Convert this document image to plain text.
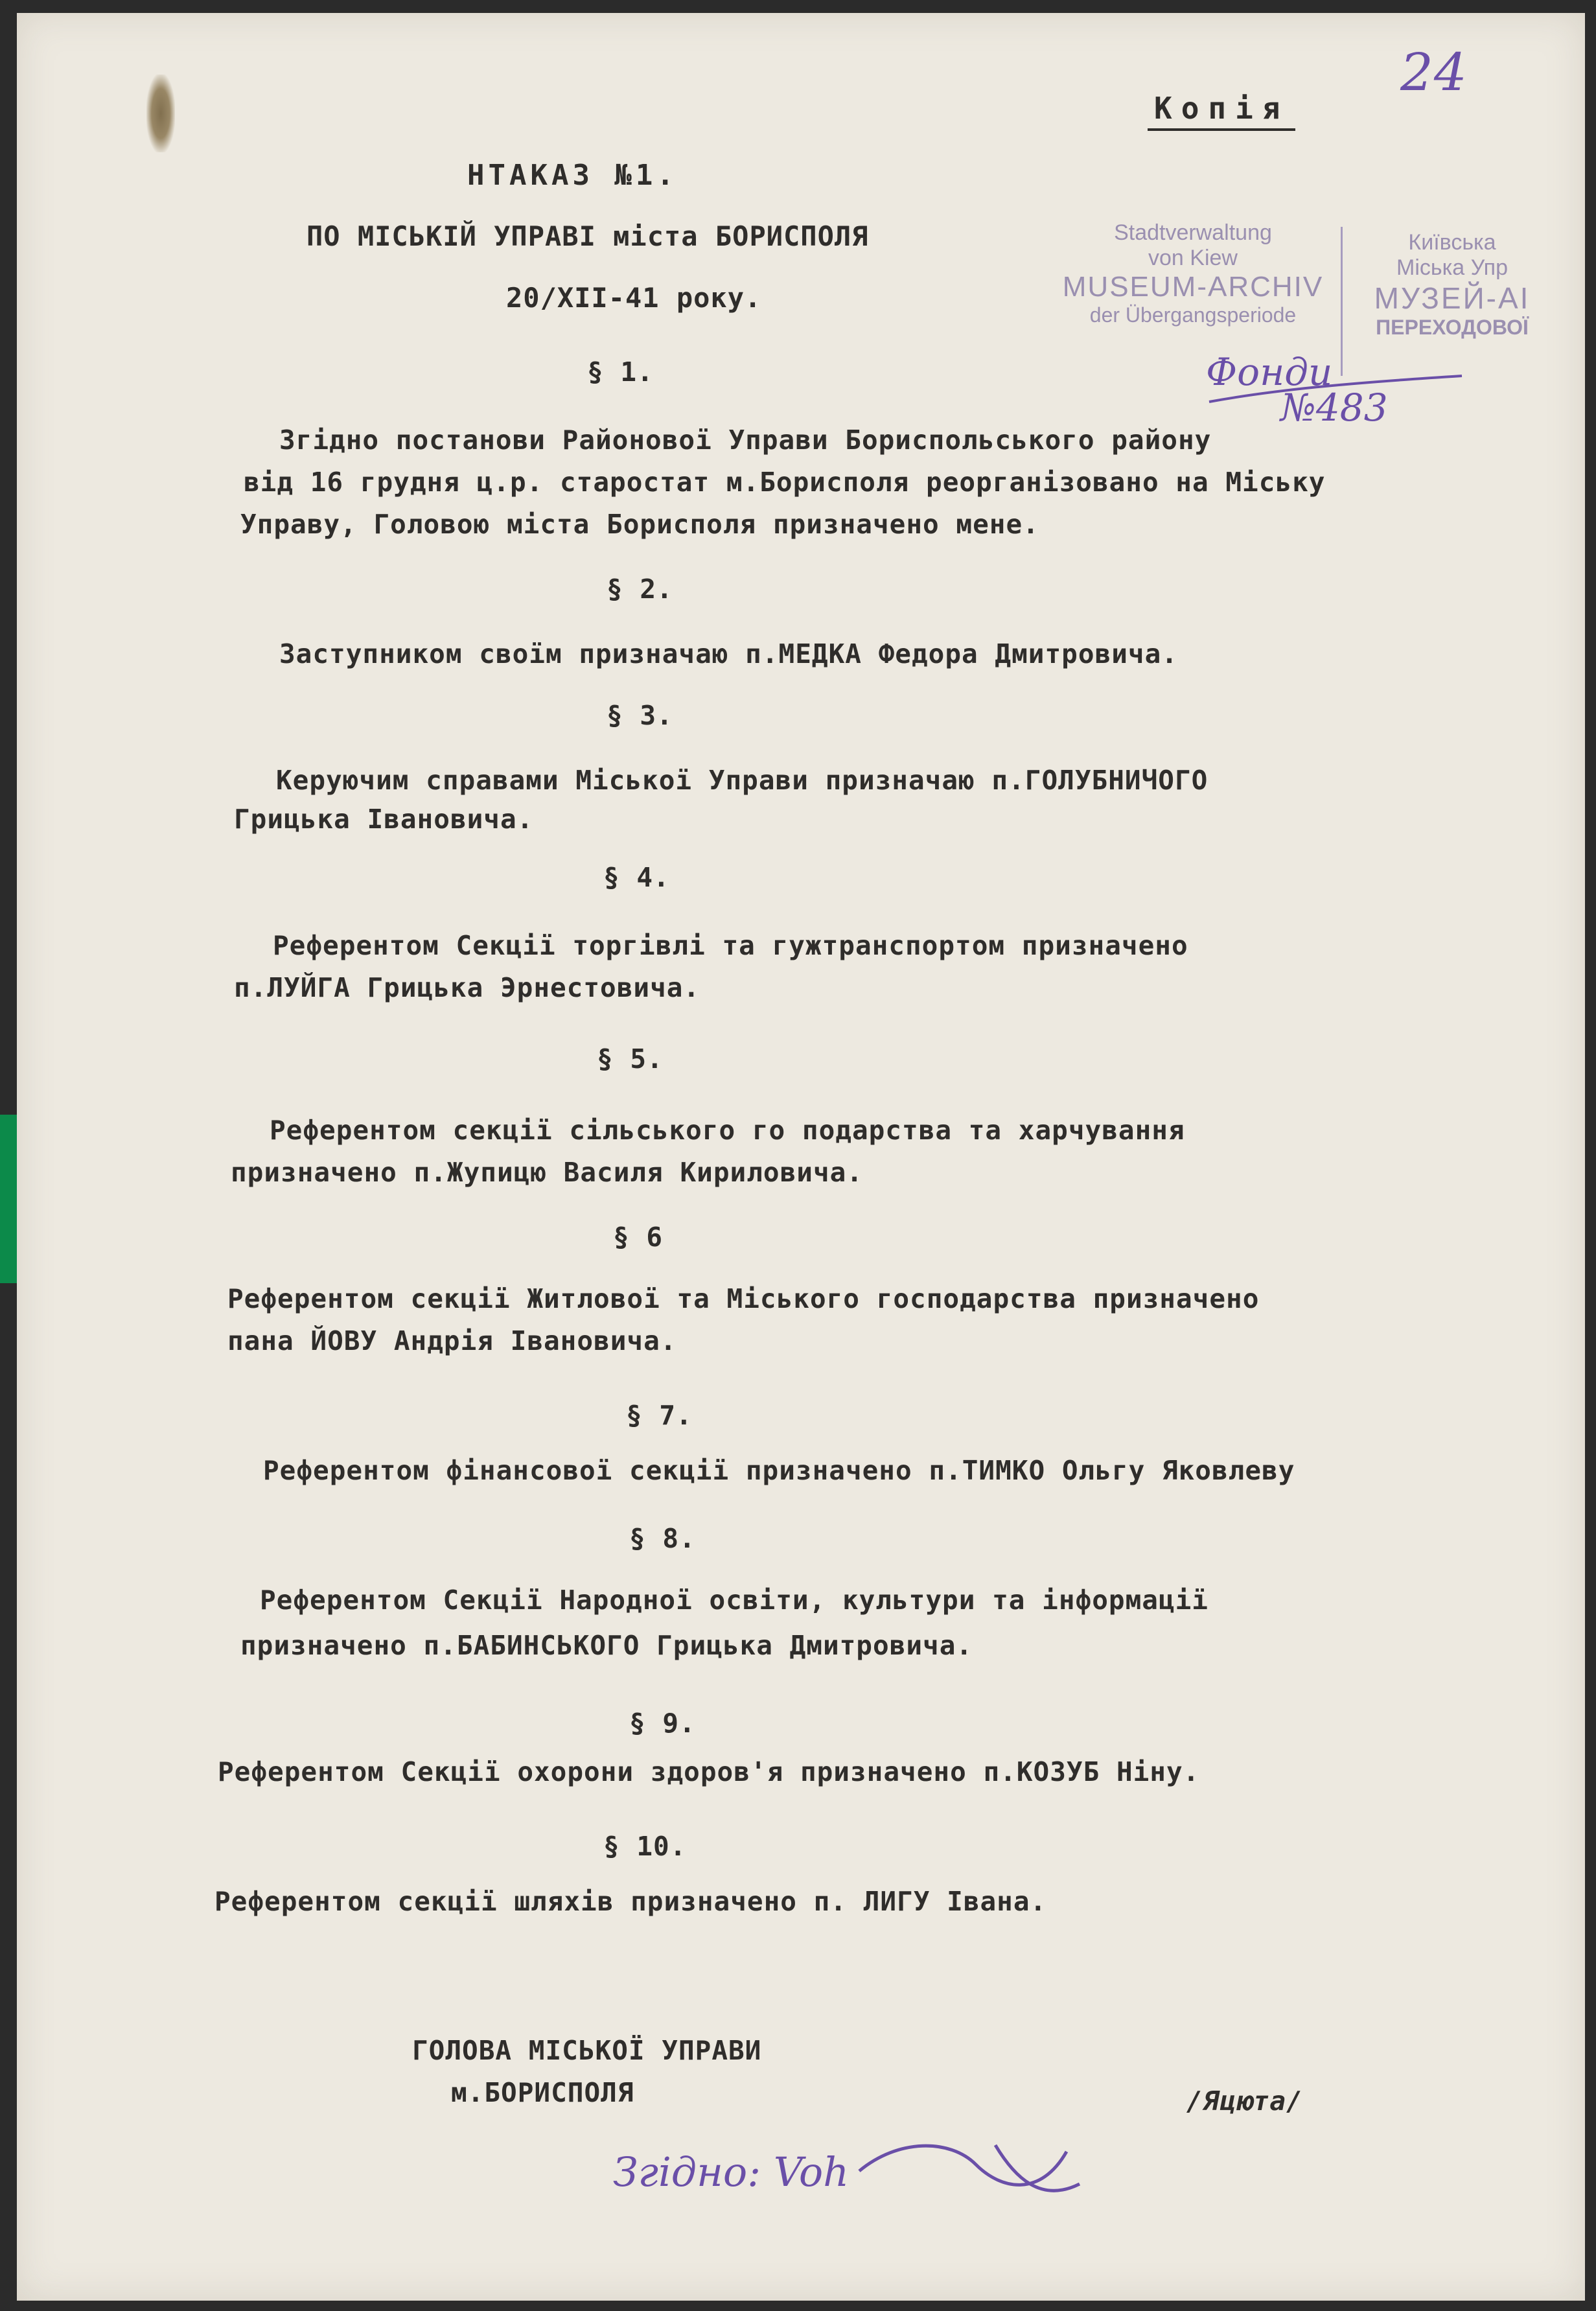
Копія
24
Stadtverwaltung
von Kiew
MUSEUM-ARCHIV
der Übergangsperiode
Київська
Міська Упр
МУЗЕЙ-АІ
ПЕРЕХОДОВОЇ
Фонди
№483
НТАКАЗ №1.
ПО МІСЬКІЙ УПРАВІ міста БОРИСПОЛЯ
20/ХІІ-41 року.
§ 1.
Згідно постанови Районової Управи Бориспольського району
від 16 грудня ц.р. старостат м.Борисполя реорганізовано на Міську
Управу, Головою міста Борисполя призначено мене.
§ 2.
Заступником своїм призначаю п.МЕДКА Федора Дмитровича.
§ 3.
Керуючим справами Міської Управи призначаю п.ГОЛУБНИЧОГО
Грицька Івановича.
§ 4.
Референтом Секції торгівлі та гужтранспортом призначено
п.ЛУЙГА Грицька Эрнестовича.
§ 5.
Референтом секції сільського го подарства та харчування
призначено п.Жупицю Василя Кириловича.
§ 6
Референтом секції Житлової та Міського господарства призначено
пана ЙОВУ Андрія Івановича.
§ 7.
Референтом фінансової секції призначено п.ТИМКО Ольгу Яковлеву
§ 8.
Референтом Секції Народної освіти, культури та інформації
призначено п.БАБИНСЬКОГО Грицька Дмитровича.
§ 9.
Референтом Секції охорони здоров'я призначено п.КОЗУБ Ніну.
§ 10.
Референтом секції шляхів призначено п. ЛИГУ Івана.
ГОЛОВА МІСЬКОЇ УПРАВИ
м.БОРИСПОЛЯ	/Яцюта/
Згідно: Voh
